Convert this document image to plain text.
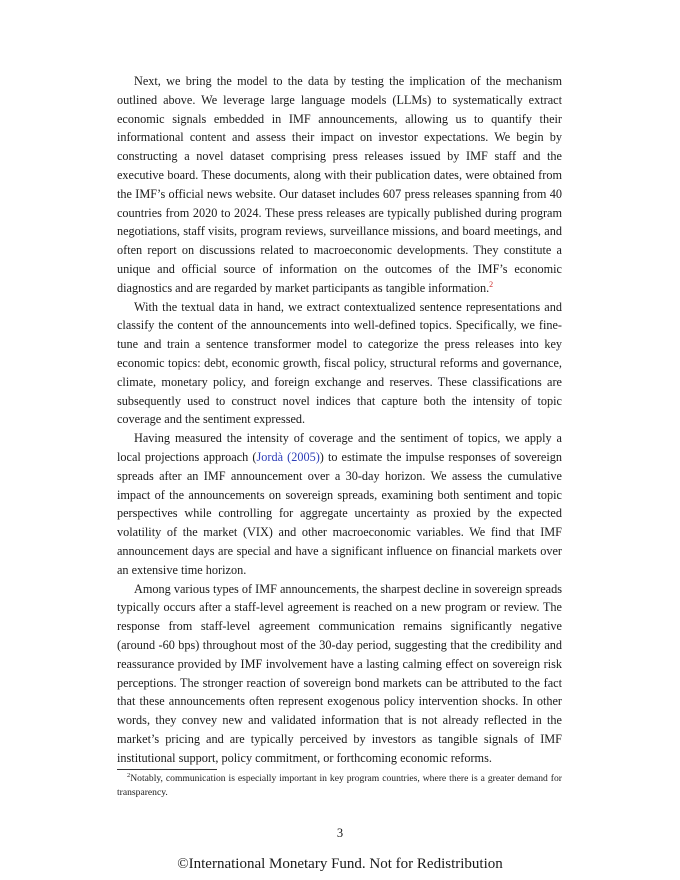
Next, we bring the model to the data by testing the implication of the mechanism outlined above. We leverage large language models (LLMs) to systematically extract economic signals embedded in IMF announcements, allowing us to quantify their informational content and assess their impact on investor expectations. We begin by constructing a novel dataset comprising press releases issued by IMF staff and the executive board. These documents, along with their publication dates, were obtained from the IMF’s official news website. Our dataset includes 607 press releases spanning from 40 countries from 2020 to 2024. These press releases are typically published during program negotiations, staff visits, program reviews, surveillance missions, and board meetings, and often report on discussions related to macroeconomic developments. They constitute a unique and official source of information on the outcomes of the IMF’s economic diagnostics and are regarded by market participants as tangible information.$^2$

With the textual data in hand, we extract contextualized sentence representations and classify the content of the announcements into well-defined topics. Specifically, we fine-tune and train a sentence transformer model to categorize the press releases into key economic topics: debt, economic growth, fiscal policy, structural reforms and governance, climate, monetary policy, and foreign exchange and reserves. These classifications are subsequently used to construct novel indices that capture both the intensity of topic coverage and the sentiment expressed.

Having measured the intensity of coverage and the sentiment of topics, we apply a local projections approach (Jordà (2005)) to estimate the impulse responses of sovereign spreads after an IMF announcement over a 30-day horizon. We assess the cumulative impact of the announcements on sovereign spreads, examining both sentiment and topic perspectives while controlling for aggregate uncertainty as proxied by the expected volatility of the market (VIX) and other macroeconomic variables. We find that IMF announcement days are special and have a significant influence on financial markets over an extensive time horizon.

Among various types of IMF announcements, the sharpest decline in sovereign spreads typically occurs after a staff-level agreement is reached on a new program or review. The response from staff-level agreement communication remains significantly negative (around -60 bps) throughout most of the 30-day period, suggesting that the credibility and reassurance provided by IMF involvement have a lasting calming effect on sovereign risk perceptions. The stronger reaction of sovereign bond markets can be attributed to the fact that these announcements often represent exogenous policy intervention shocks. In other words, they convey new and validated information that is not already reflected in the market’s pricing and are typically perceived by investors as tangible signals of IMF institutional support, policy commitment, or forthcoming economic reforms.

$^2$Notably, communication is especially important in key program countries, where there is a greater demand for transparency.

3
©International Monetary Fund. Not for Redistribution
